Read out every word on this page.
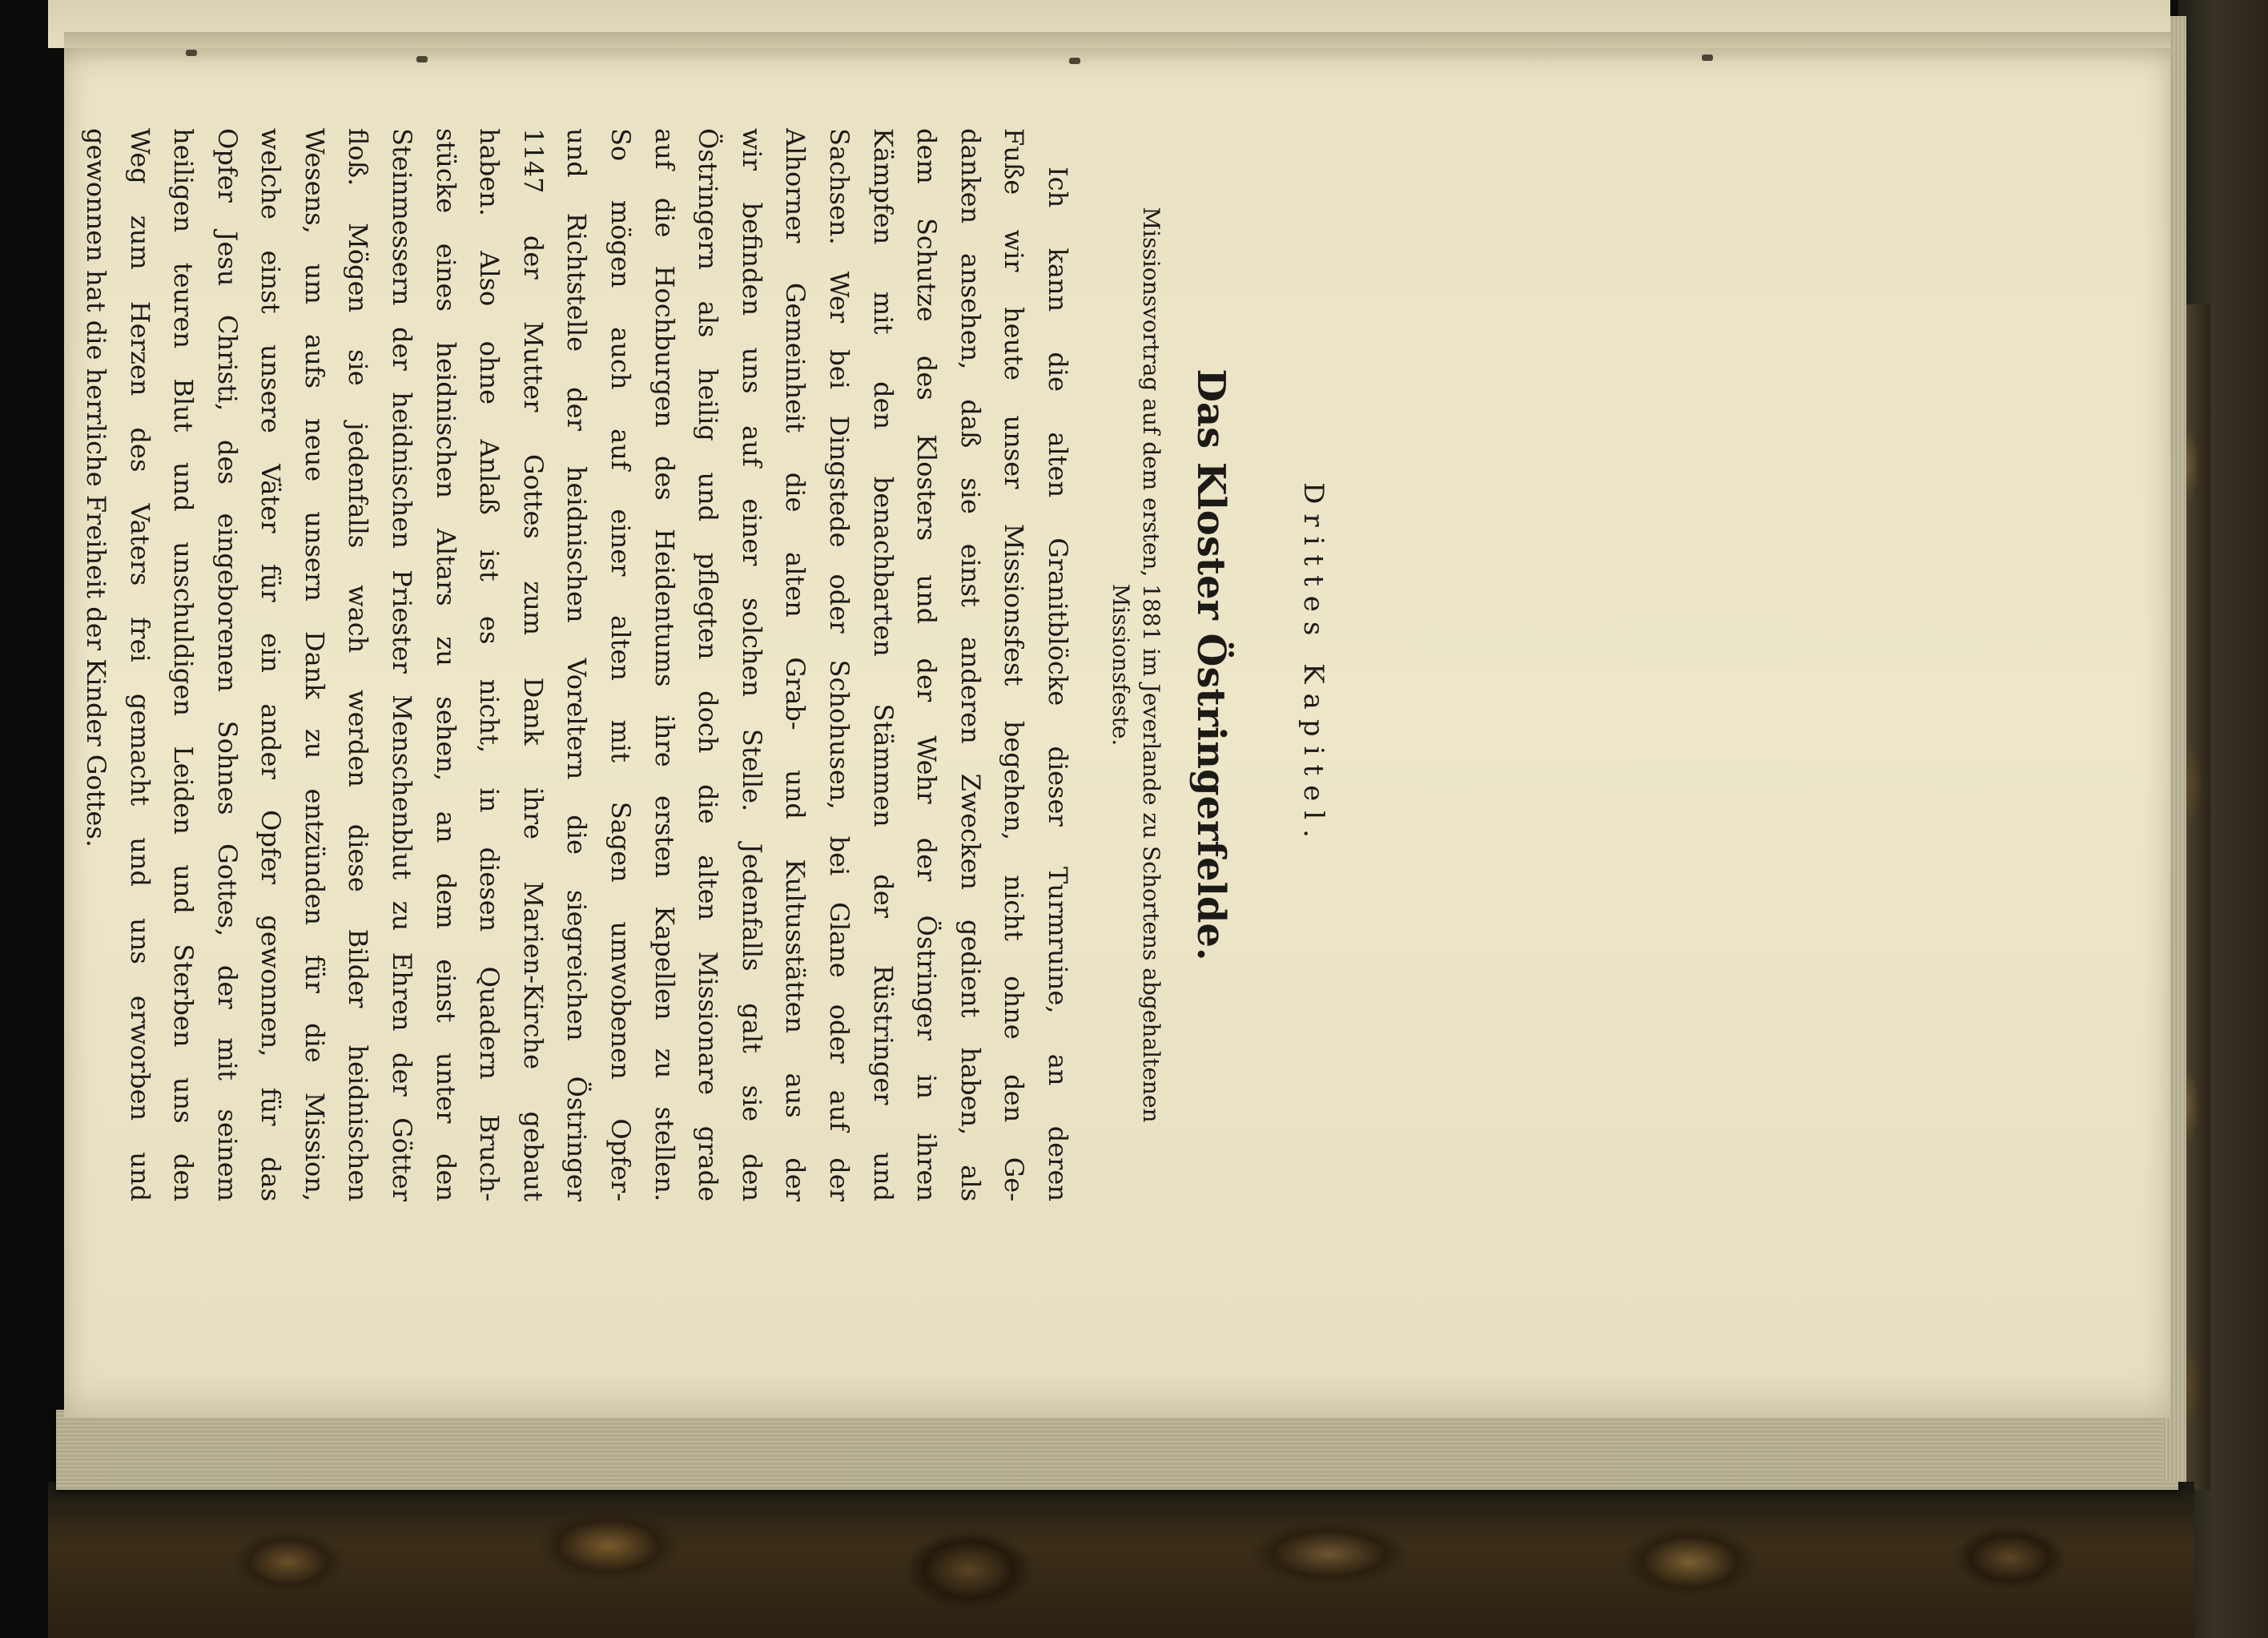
Drittes Kapitel.

Das Kloster Östringerfelde.

Missionsvortrag auf dem ersten, 1881 im Jeverlande zu Schortens abgehaltenen Missionsfeste.

Ich kann die alten Granitblöcke dieser Turmruine, an deren
Fuße wir heute unser Missionsfest begehen, nicht ohne den Ge-
danken ansehen, daß sie einst anderen Zwecken gedient haben, als
dem Schutze des Klosters und der Wehr der Östringer in ihren
Kämpfen mit den benachbarten Stämmen der Rüstringer und
Sachsen. Wer bei Dingstede oder Schohusen, bei Glane oder auf der
Alhorner Gemeinheit die alten Grab- und Kultusstätten aus der
wir befinden uns auf einer solchen Stelle. Jedenfalls galt sie den
Östringern als heilig und pflegten doch die alten Missionare grade
auf die Hochburgen des Heidentums ihre ersten Kapellen zu stellen.
So mögen auch auf einer alten mit Sagen umwobenen Opfer-
und Richtstelle der heidnischen Voreltern die siegreichen Östringer
1147 der Mutter Gottes zum Dank ihre Marien-Kirche gebaut
haben. Also ohne Anlaß ist es nicht, in diesen Quadern Bruch-
stücke eines heidnischen Altars zu sehen, an dem einst unter den
Steinmessern der heidnischen Priester Menschenblut zu Ehren der Götter
floß. Mögen sie jedenfalls wach werden diese Bilder heidnischen
Wesens, um aufs neue unsern Dank zu entzünden für die Mission,
welche einst unsere Väter für ein ander Opfer gewonnen, für das
Opfer Jesu Christi, des eingeborenen Sohnes Gottes, der mit seinem
heiligen teuren Blut und unschuldigen Leiden und Sterben uns den
Weg zum Herzen des Vaters frei gemacht und uns erworben und
gewonnen hat die herrliche Freiheit der Kinder Gottes.
